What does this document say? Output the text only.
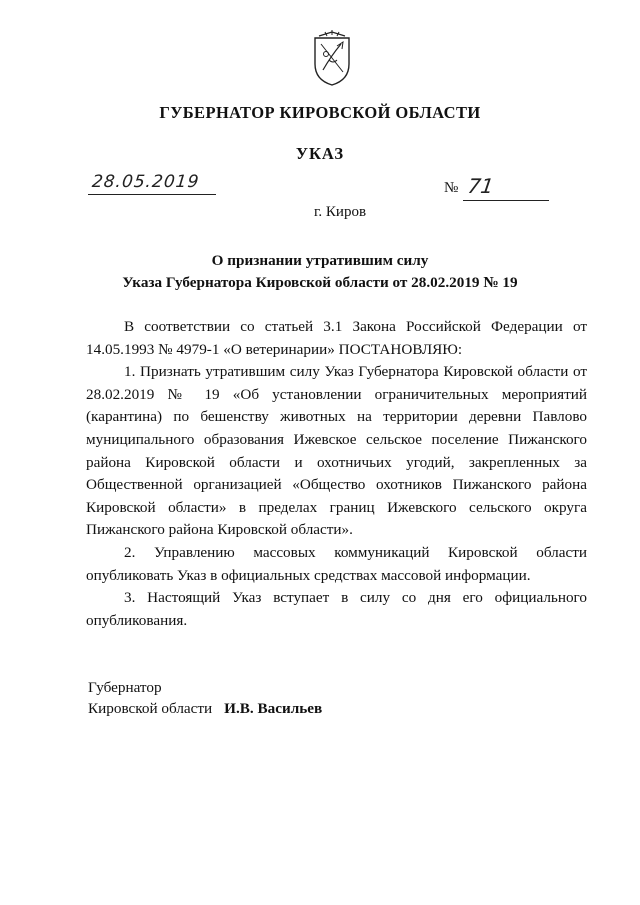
ГУБЕРНАТОР КИРОВСКОЙ ОБЛАСТИ
УКАЗ
28.05.2019	№ 71
г. Киров
О признании утратившим силу
Указа Губернатора Кировской области от 28.02.2019 № 19

В соответствии со статьей 3.1 Закона Российской Федерации от 14.05.1993 № 4979-1 «О ветеринарии» ПОСТАНОВЛЯЮ:

1. Признать утратившим силу Указ Губернатора Кировской области от 28.02.2019 № 19 «Об установлении ограничительных мероприятий (карантина) по бешенству животных на территории деревни Павлово муниципального образования Ижевское сельское поселение Пижанского района Кировской области и охотничьих угодий, закрепленных за Общественной организацией «Общество охотников Пижанского района Кировской области» в пределах границ Ижевского сельского округа Пижанского района Кировской области».

2. Управлению массовых коммуникаций Кировской области опубликовать Указ в официальных средствах массовой информации.

3. Настоящий Указ вступает в силу со дня его официального опубликования.

Губернатор
Кировской области И.В. Васильев
